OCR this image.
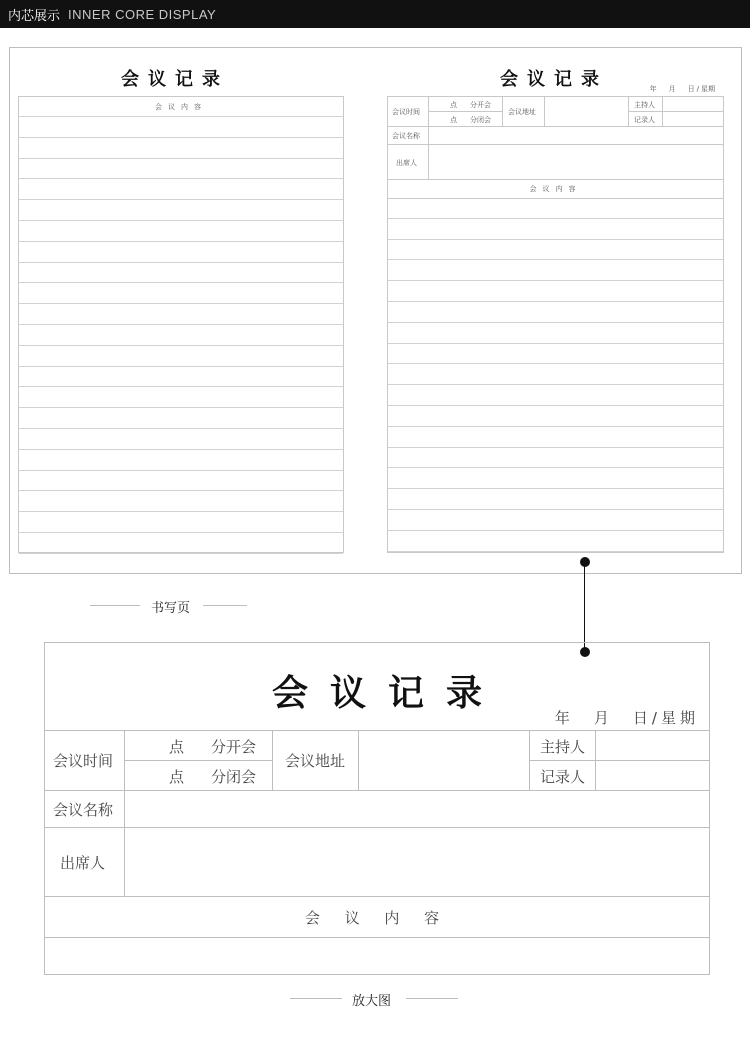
内芯展示 INNER CORE DISPLAY
会议记录
会议内容
会议记录	年 月 日 / 星期
会议时间
点 分开会
点 分闭会
会议地址
主持人
记录人
会议名称
出席人
会议内容
书写页
会议记录
年 月 日 / 星期
会议时间
点 分开会
点 分闭会
会议地址
主持人
记录人
会议名称
出席人
会 议 内 容
放大图
